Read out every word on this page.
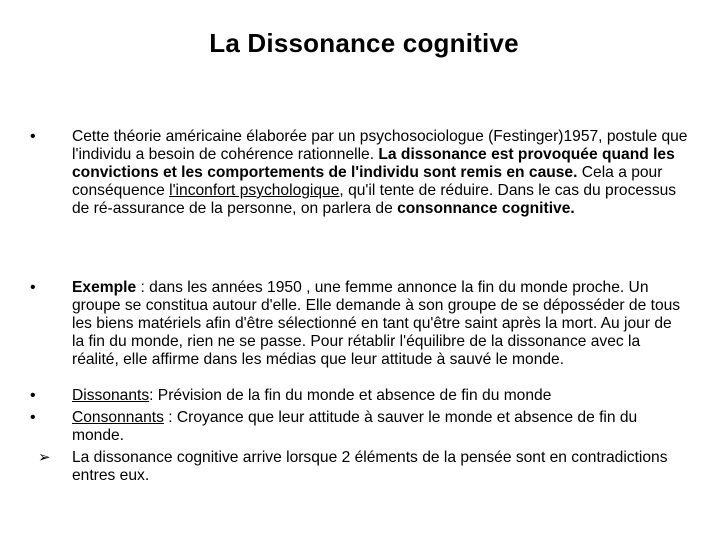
La Dissonance cognitive
• Cette théorie américaine élaborée par un psychosociologue (Festinger)1957, postule que l'individu a besoin de cohérence rationnelle. La dissonance est provoquée quand les convictions et les comportements de l'individu sont remis en cause. Cela a pour conséquence l'inconfort psychologique, qu'il tente de réduire. Dans le cas du processus de ré-assurance de la personne, on parlera de consonnance cognitive.
• Exemple : dans les années 1950 , une femme annonce la fin du monde proche. Un groupe se constitua autour d'elle. Elle demande à son groupe de se déposséder de tous les biens matériels afin d'être sélectionné en tant qu'être saint après la mort. Au jour de la fin du monde, rien ne se passe. Pour rétablir l'équilibre de la dissonance avec la réalité, elle affirme dans les médias que leur attitude à sauvé le monde.
• Dissonants: Prévision de la fin du monde et absence de fin du monde
• Consonnants : Croyance que leur attitude à sauver le monde et absence de fin du monde.
➢ La dissonance cognitive arrive lorsque 2 éléments de la pensée sont en contradictions entres eux.
